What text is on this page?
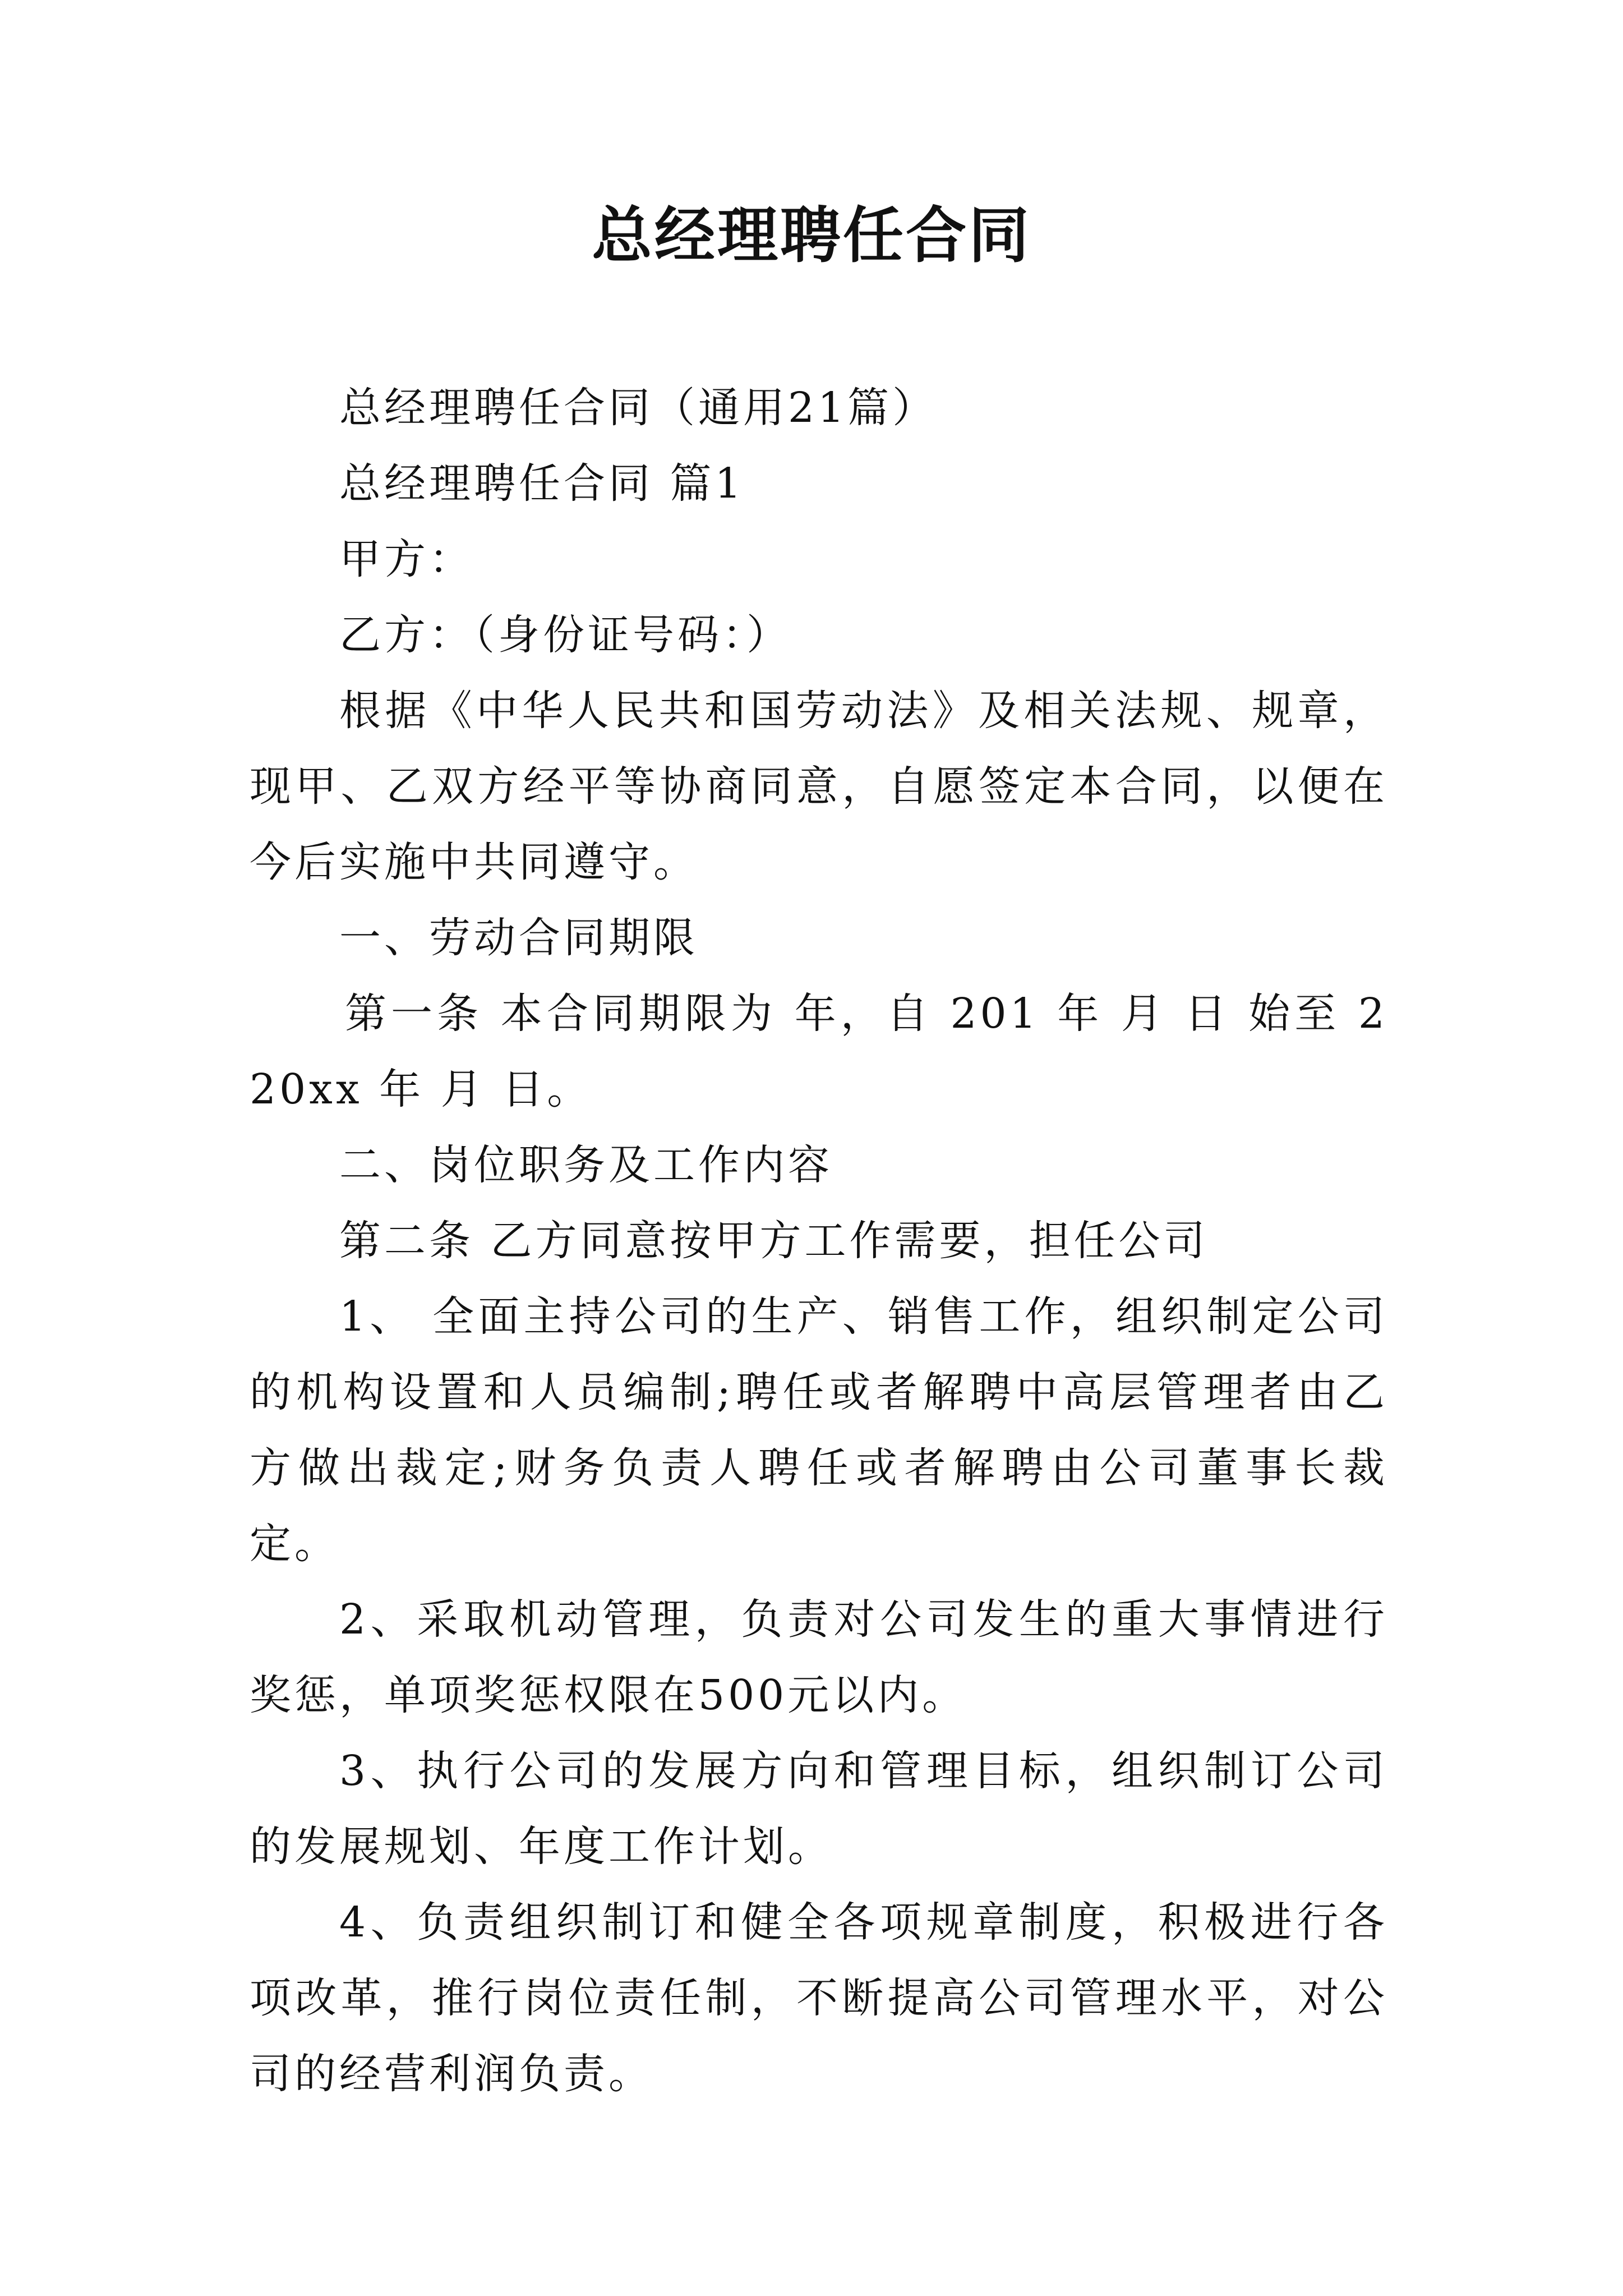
总经理聘任合同

总经理聘任合同（通用21篇）

总经理聘任合同 篇1

甲方：

乙方：（身份证号码：）

根据《中华人民共和国劳动法》及相关法规、规章，现甲、乙双方经平等协商同意，自愿签定本合同，以便在今后实施中共同遵守。

一、劳动合同期限

第一条 本合同期限为 年，自 201 年 月 日 始至 220xx 年 月 日。

二、岗位职务及工作内容

第二条 乙方同意按甲方工作需要，担任公司

1、 全面主持公司的生产、销售工作，组织制定公司的机构设置和人员编制;聘任或者解聘中高层管理者由乙方做出裁定;财务负责人聘任或者解聘由公司董事长裁定。

2、采取机动管理，负责对公司发生的重大事情进行奖惩，单项奖惩权限在500元以内。

3、执行公司的发展方向和管理目标，组织制订公司的发展规划、年度工作计划。

4、负责组织制订和健全各项规章制度，积极进行各项改革，推行岗位责任制，不断提高公司管理水平，对公司的经营利润负责。
